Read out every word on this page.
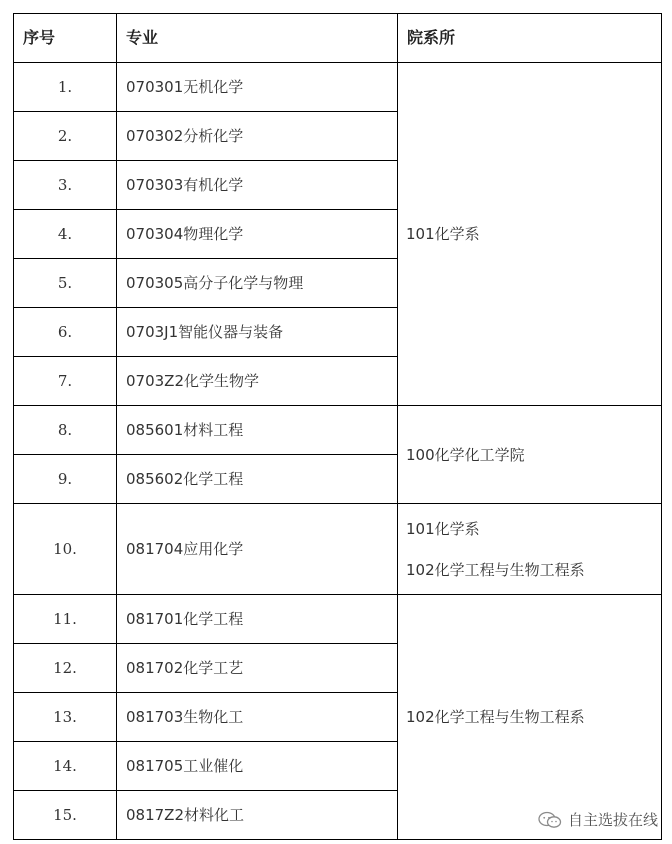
序号	专业	院系所
1.	070301无机化学	101化学系

2.	070302分析化学	
3.	070303有机化学	
4.	070304物理化学	
5.	070305高分子化学与物理	
6.	0703J1智能仪器与装备	
7.	0703Z2化学生物学	
8.	085601材料工程	100化学化工学院

9.	085602化学工程	
10.	081704应用化学	101化学系
102化学工程与生物工程系

11.	081701化学工程	102化学工程与生物工程系

12.	081702化学工艺	
13.	081703生物化工	
14.	081705工业催化	
15.	0817Z2材料化工		自主选拔在线
